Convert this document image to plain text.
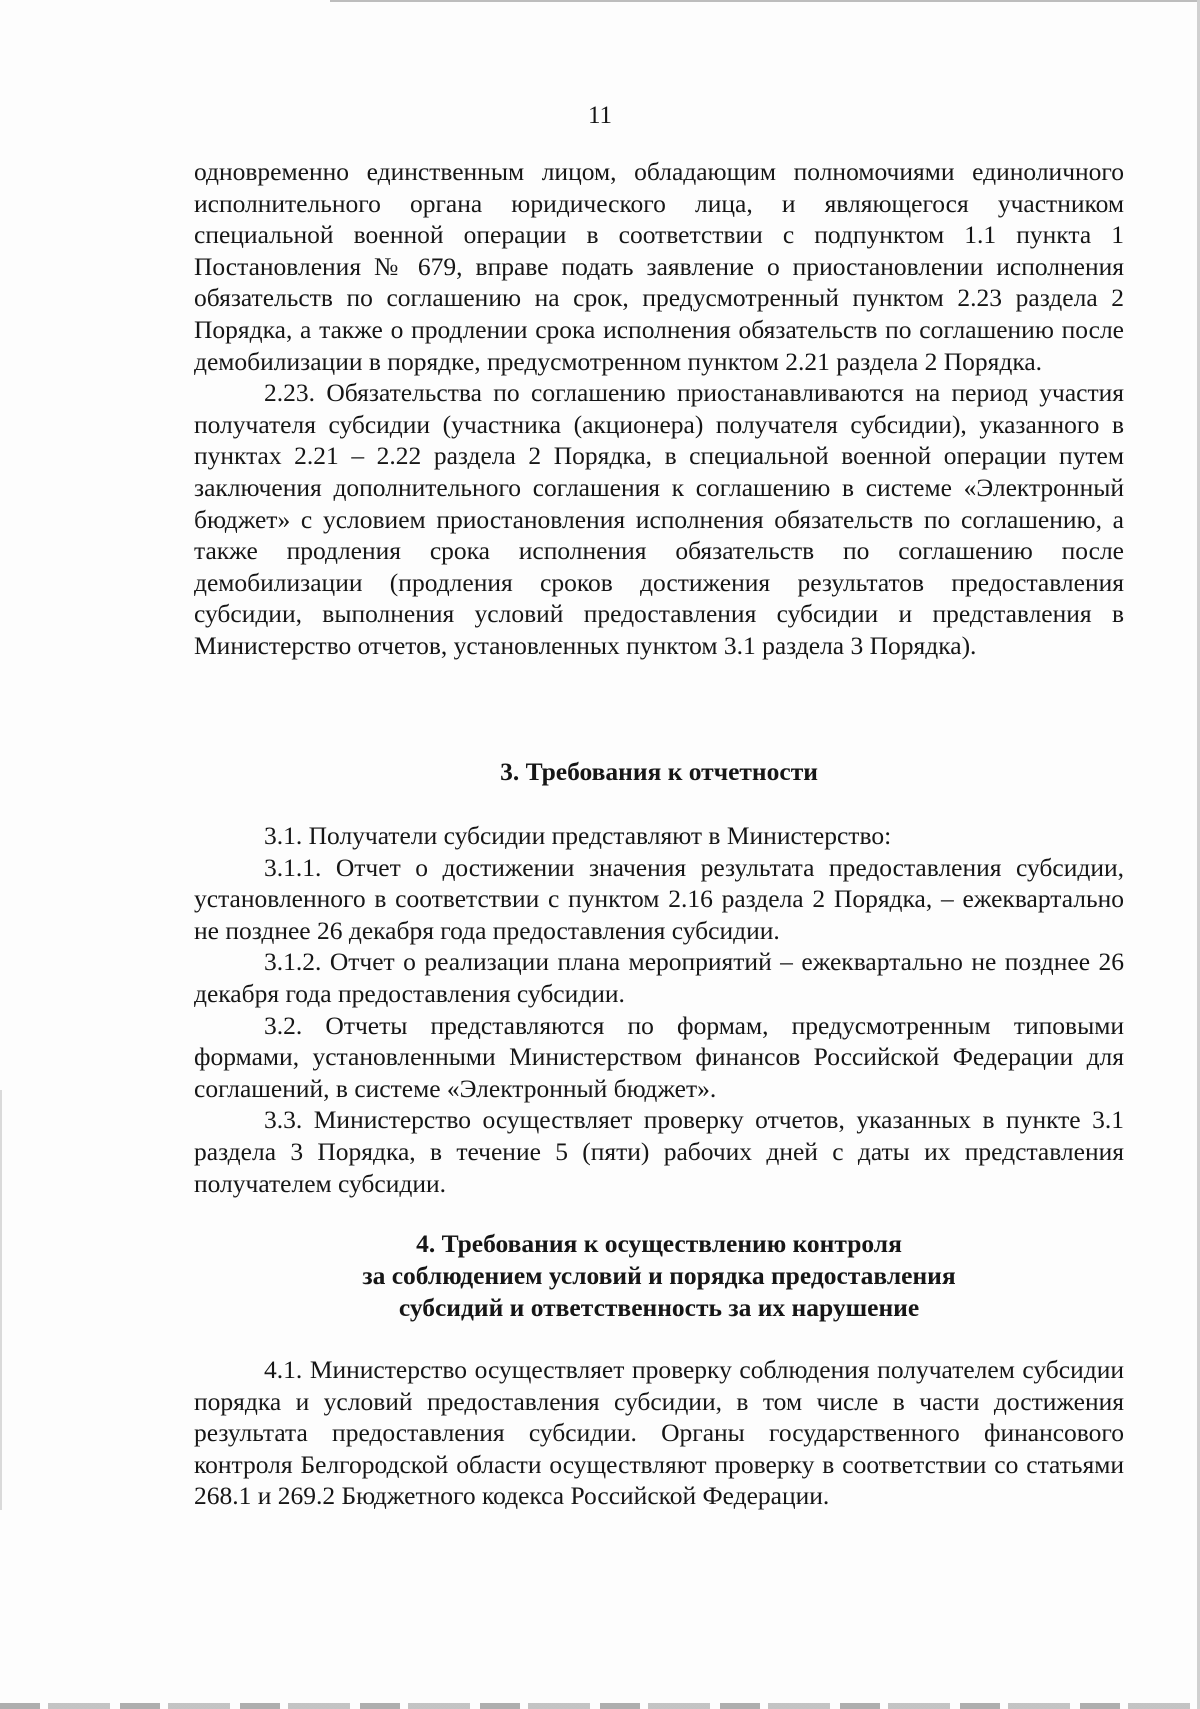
11

одновременно единственным лицом, обладающим полномочиями единоличного исполнительного органа юридического лица, и являющегося участником специальной военной операции в соответствии с подпунктом 1.1 пункта 1 Постановления № 679, вправе подать заявление о приостановлении исполнения обязательств по соглашению на срок, предусмотренный пунктом 2.23 раздела 2 Порядка, а также о продлении срока исполнения обязательств по соглашению после демобилизации в порядке, предусмотренном пунктом 2.21 раздела 2 Порядка.

2.23. Обязательства по соглашению приостанавливаются на период участия получателя субсидии (участника (акционера) получателя субсидии), указанного в пунктах 2.21 – 2.22 раздела 2 Порядка, в специальной военной операции путем заключения дополнительного соглашения к соглашению в системе «Электронный бюджет» с условием приостановления исполнения обязательств по соглашению, а также продления срока исполнения обязательств по соглашению после демобилизации (продления сроков достижения результатов предоставления субсидии, выполнения условий предоставления субсидии и представления в Министерство отчетов, установленных пунктом 3.1 раздела 3 Порядка).

3. Требования к отчетности

3.1. Получатели субсидии представляют в Министерство:

3.1.1. Отчет о достижении значения результата предоставления субсидии, установленного в соответствии с пунктом 2.16 раздела 2 Порядка, – ежеквартально не позднее 26 декабря года предоставления субсидии.

3.1.2. Отчет о реализации плана мероприятий – ежеквартально не позднее 26 декабря года предоставления субсидии.

3.2. Отчеты представляются по формам, предусмотренным типовыми формами, установленными Министерством финансов Российской Федерации для соглашений, в системе «Электронный бюджет».

3.3. Министерство осуществляет проверку отчетов, указанных в пункте 3.1 раздела 3 Порядка, в течение 5 (пяти) рабочих дней с даты их представления получателем субсидии.

4. Требования к осуществлению контроля
за соблюдением условий и порядка предоставления
субсидий и ответственность за их нарушение

4.1. Министерство осуществляет проверку соблюдения получателем субсидии порядка и условий предоставления субсидии, в том числе в части достижения результата предоставления субсидии. Органы государственного финансового контроля Белгородской области осуществляют проверку в соответствии со статьями 268.1 и 269.2 Бюджетного кодекса Российской Федерации.
